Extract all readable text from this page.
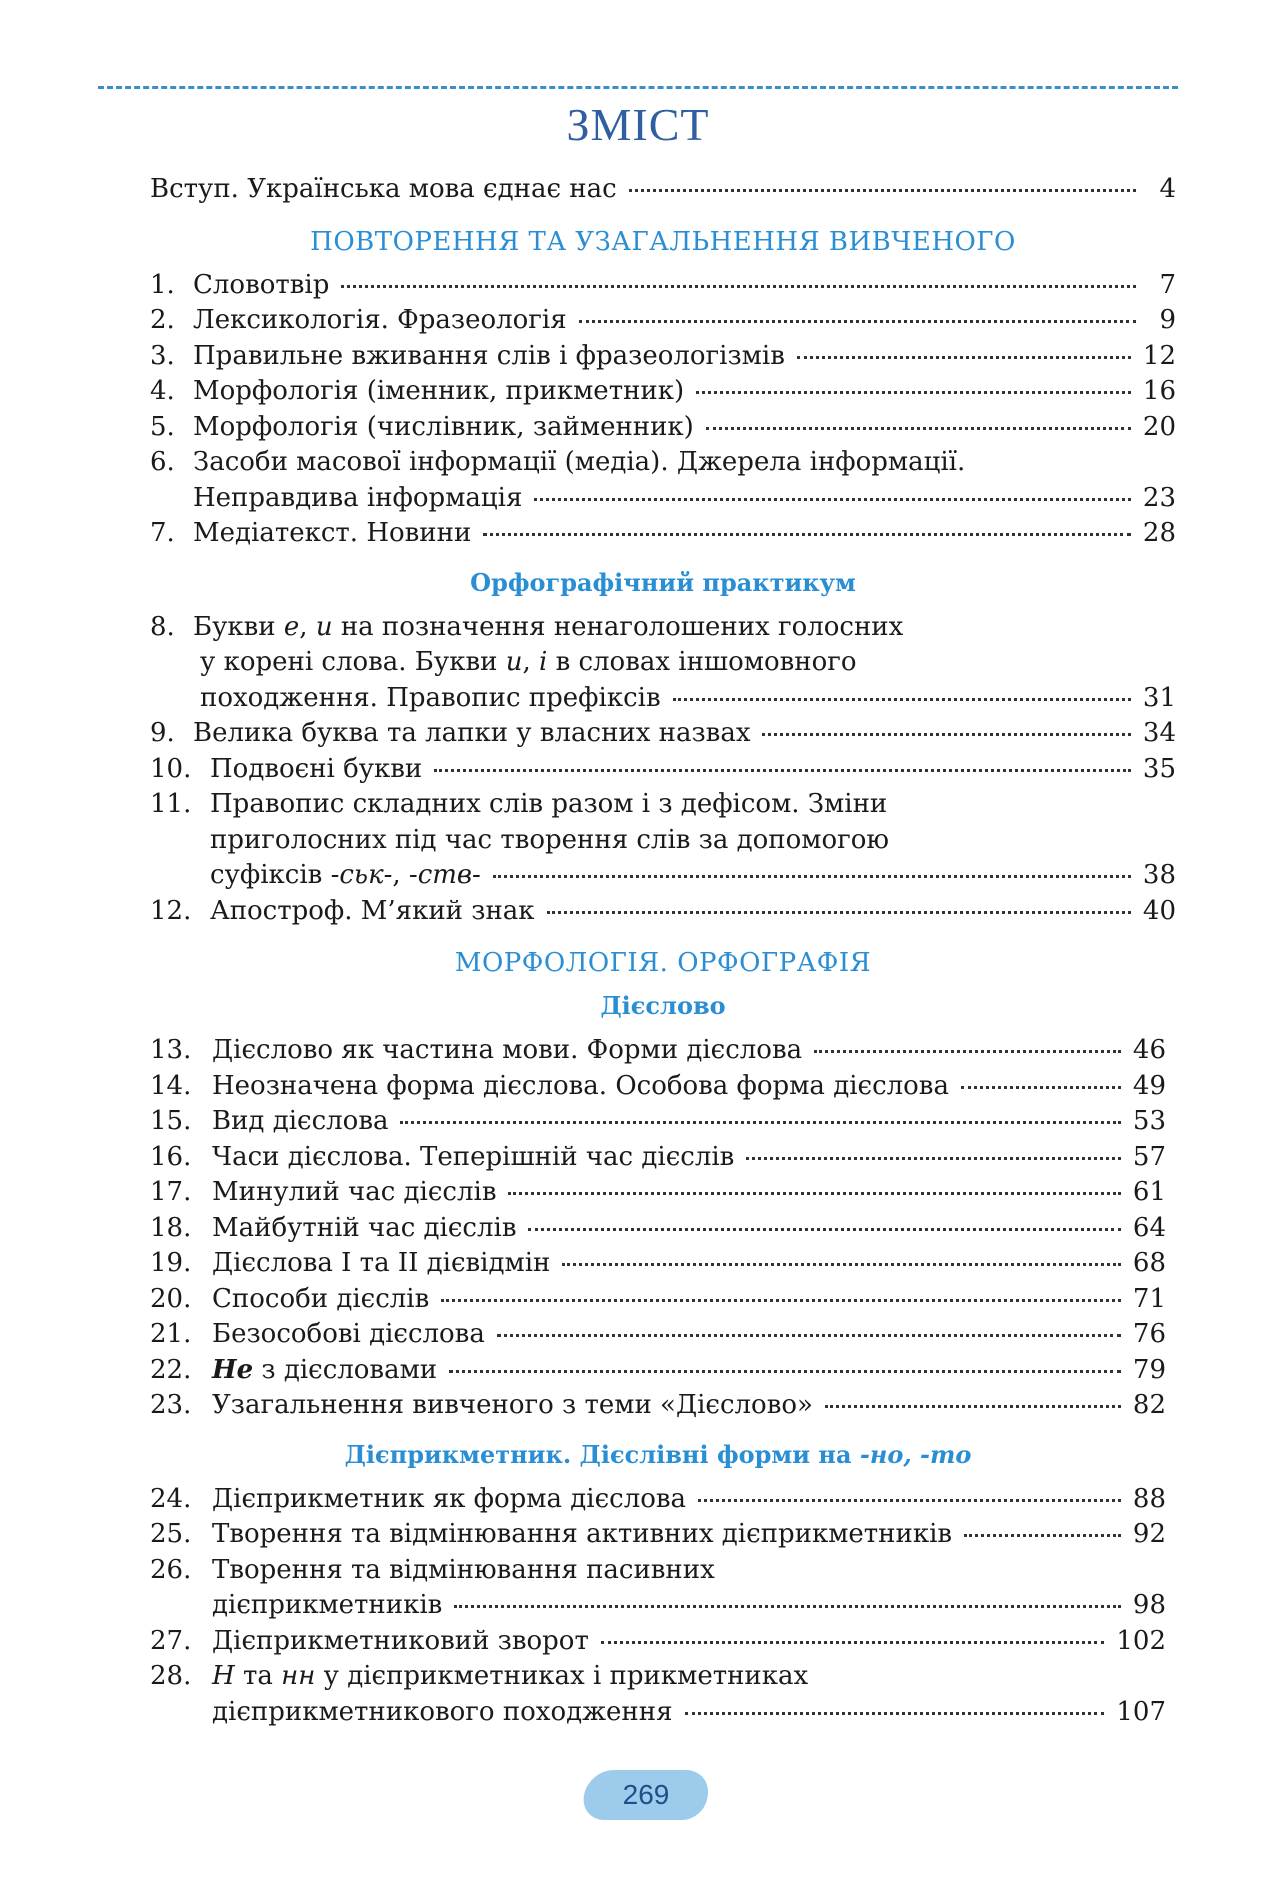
ЗМІСТ
Вступ. Українська мова єднає нас	4
ПОВТОРЕННЯ ТА УЗАГАЛЬНЕННЯ ВИВЧЕНОГО
1. Словотвір	7
2. Лексикологія. Фразеологія	9
3. Правильне вживання слів і фразеологізмів	12
4. Морфологія (іменник, прикметник)	16
5. Морфологія (числівник, займенник)	20
6. Засоби масової інформації (медіа). Джерела інформації.
Неправдива інформація	23
7. Медіатекст. Новини	28
Орфографічний практикум
8. Букви е, и на позначення ненаголошених голосних
у корені слова. Букви и, і в словах іншомовного
походження. Правопис префіксів	31
9. Велика буква та лапки у власних назвах	34
10. Подвоєні букви	35
11. Правопис складних слів разом і з дефісом. Зміни
приголосних під час творення слів за допомогою
суфіксів -ськ-, -ств-	38
12. Апостроф. М’який знак	40
МОРФОЛОГІЯ. ОРФОГРАФІЯ
Дієслово
13. Дієслово як частина мови. Форми дієслова	46
14. Неозначена форма дієслова. Особова форма дієслова	49
15. Вид дієслова	53
16. Часи дієслова. Теперішній час дієслів	57
17. Минулий час дієслів	61
18. Майбутній час дієслів	64
19. Дієслова I та II дієвідмін	68
20. Способи дієслів	71
21. Безособові дієслова	76
22. Не з дієсловами	79
23. Узагальнення вивченого з теми «Дієслово»	82
Дієприкметник. Дієслівні форми на -но, -то
24. Дієприкметник як форма дієслова	88
25. Творення та відмінювання активних дієприкметників	92
26. Творення та відмінювання пасивних
дієприкметників	98
27. Дієприкметниковий зворот	102
28. Н та нн у дієприкметниках і прикметниках
дієприкметникового походження	107
269
